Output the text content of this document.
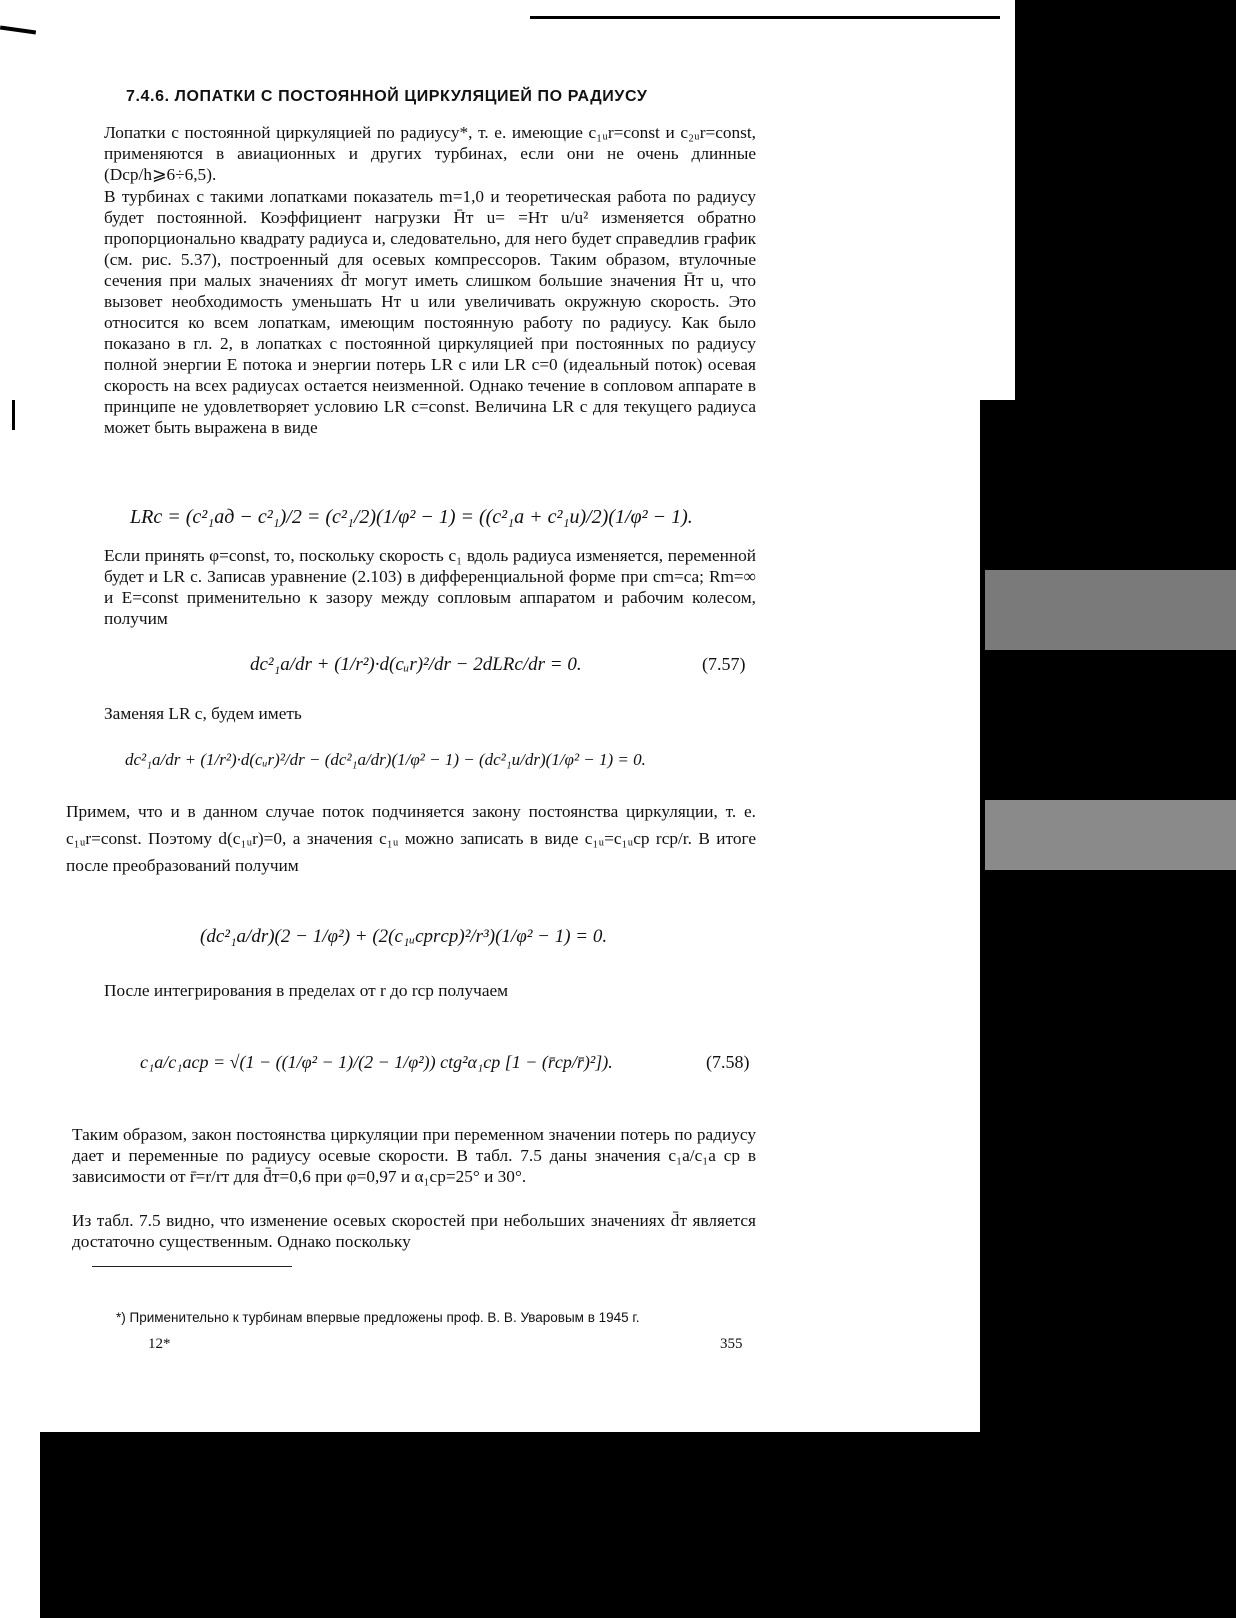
7.4.6. ЛОПАТКИ С ПОСТОЯННОЙ ЦИРКУЛЯЦИЕЙ ПО РАДИУСУ

Лопатки с постоянной циркуляцией по радиусу*, т. е. имеющие c₁ᵤr=const и c₂ᵤr=const, применяются в авиационных и других турбинах, если они не очень длинные (Dср/h⩾6÷6,5).

В турбинах с такими лопатками показатель m=1,0 и теоретическая работа по радиусу будет постоянной. Коэффициент нагрузки H̄т u= =Hт u/u² изменяется обратно пропорционально квадрату радиуса и, следовательно, для него будет справедлив график (см. рис. 5.37), построенный для осевых компрессоров. Таким образом, втулочные сечения при малых значениях d̄т могут иметь слишком большие значения H̄т u, что вызовет необходимость уменьшать Hт u или увеличивать окружную скорость. Это относится ко всем лопаткам, имеющим постоянную работу по радиусу. Как было показано в гл. 2, в лопатках с постоянной циркуляцией при постоянных по радиусу полной энергии E потока и энергии потерь LR c или LR c=0 (идеальный поток) осевая скорость на всех радиусах остается неизменной. Однако течение в сопловом аппарате в принципе не удовлетворяет условию LR c=const. Величина LR c для текущего радиуса может быть выражена в виде

LRc = (c²₁ад − c²₁)/2 = (c²₁/2)(1/φ² − 1) = ((c²₁a + c²₁u)/2)(1/φ² − 1).

Если принять φ=const, то, поскольку скорость c₁ вдоль радиуса изменяется, переменной будет и LR c. Записав уравнение (2.103) в дифференциальной форме при cm=ca; Rm=∞ и E=const применительно к зазору между сопловым аппаратом и рабочим колесом, получим

dc²₁a/dr + (1/r²)·d(cᵤr)²/dr − 2dLRc/dr = 0.	(7.57)

Заменяя LR c, будем иметь

dc²₁a/dr + (1/r²)·d(cᵤr)²/dr − (dc²₁a/dr)(1/φ² − 1) − (dc²₁u/dr)(1/φ² − 1) = 0.

Примем, что и в данном случае поток подчиняется закону постоянства циркуляции, т. е. c₁ᵤr=const. Поэтому d(c₁ᵤr)=0, а значения c₁ᵤ можно записать в виде c₁ᵤ=c₁ᵤср rср/r. В итоге после преобразований получим

(dc²₁a/dr)(2 − 1/φ²) + (2(c₁ᵤсрrср)²/r³)(1/φ² − 1) = 0.

После интегрирования в пределах от r до rср получаем

c₁a/c₁aср = √(1 − ((1/φ² − 1)/(2 − 1/φ²)) ctg²α₁ср [1 − (r̄ср/r̄)²]).	(7.58)

Таким образом, закон постоянства циркуляции при переменном значении потерь по радиусу дает и переменные по радиусу осевые скорости. В табл. 7.5 даны значения c₁a/c₁a ср в зависимости от r̄=r/rт для d̄т=0,6 при φ=0,97 и α₁ср=25° и 30°.

Из табл. 7.5 видно, что изменение осевых скоростей при небольших значениях d̄т является достаточно существенным. Однако поскольку

*) Применительно к турбинам впервые предложены проф. В. В. Уваровым в 1945 г.
12*	355
